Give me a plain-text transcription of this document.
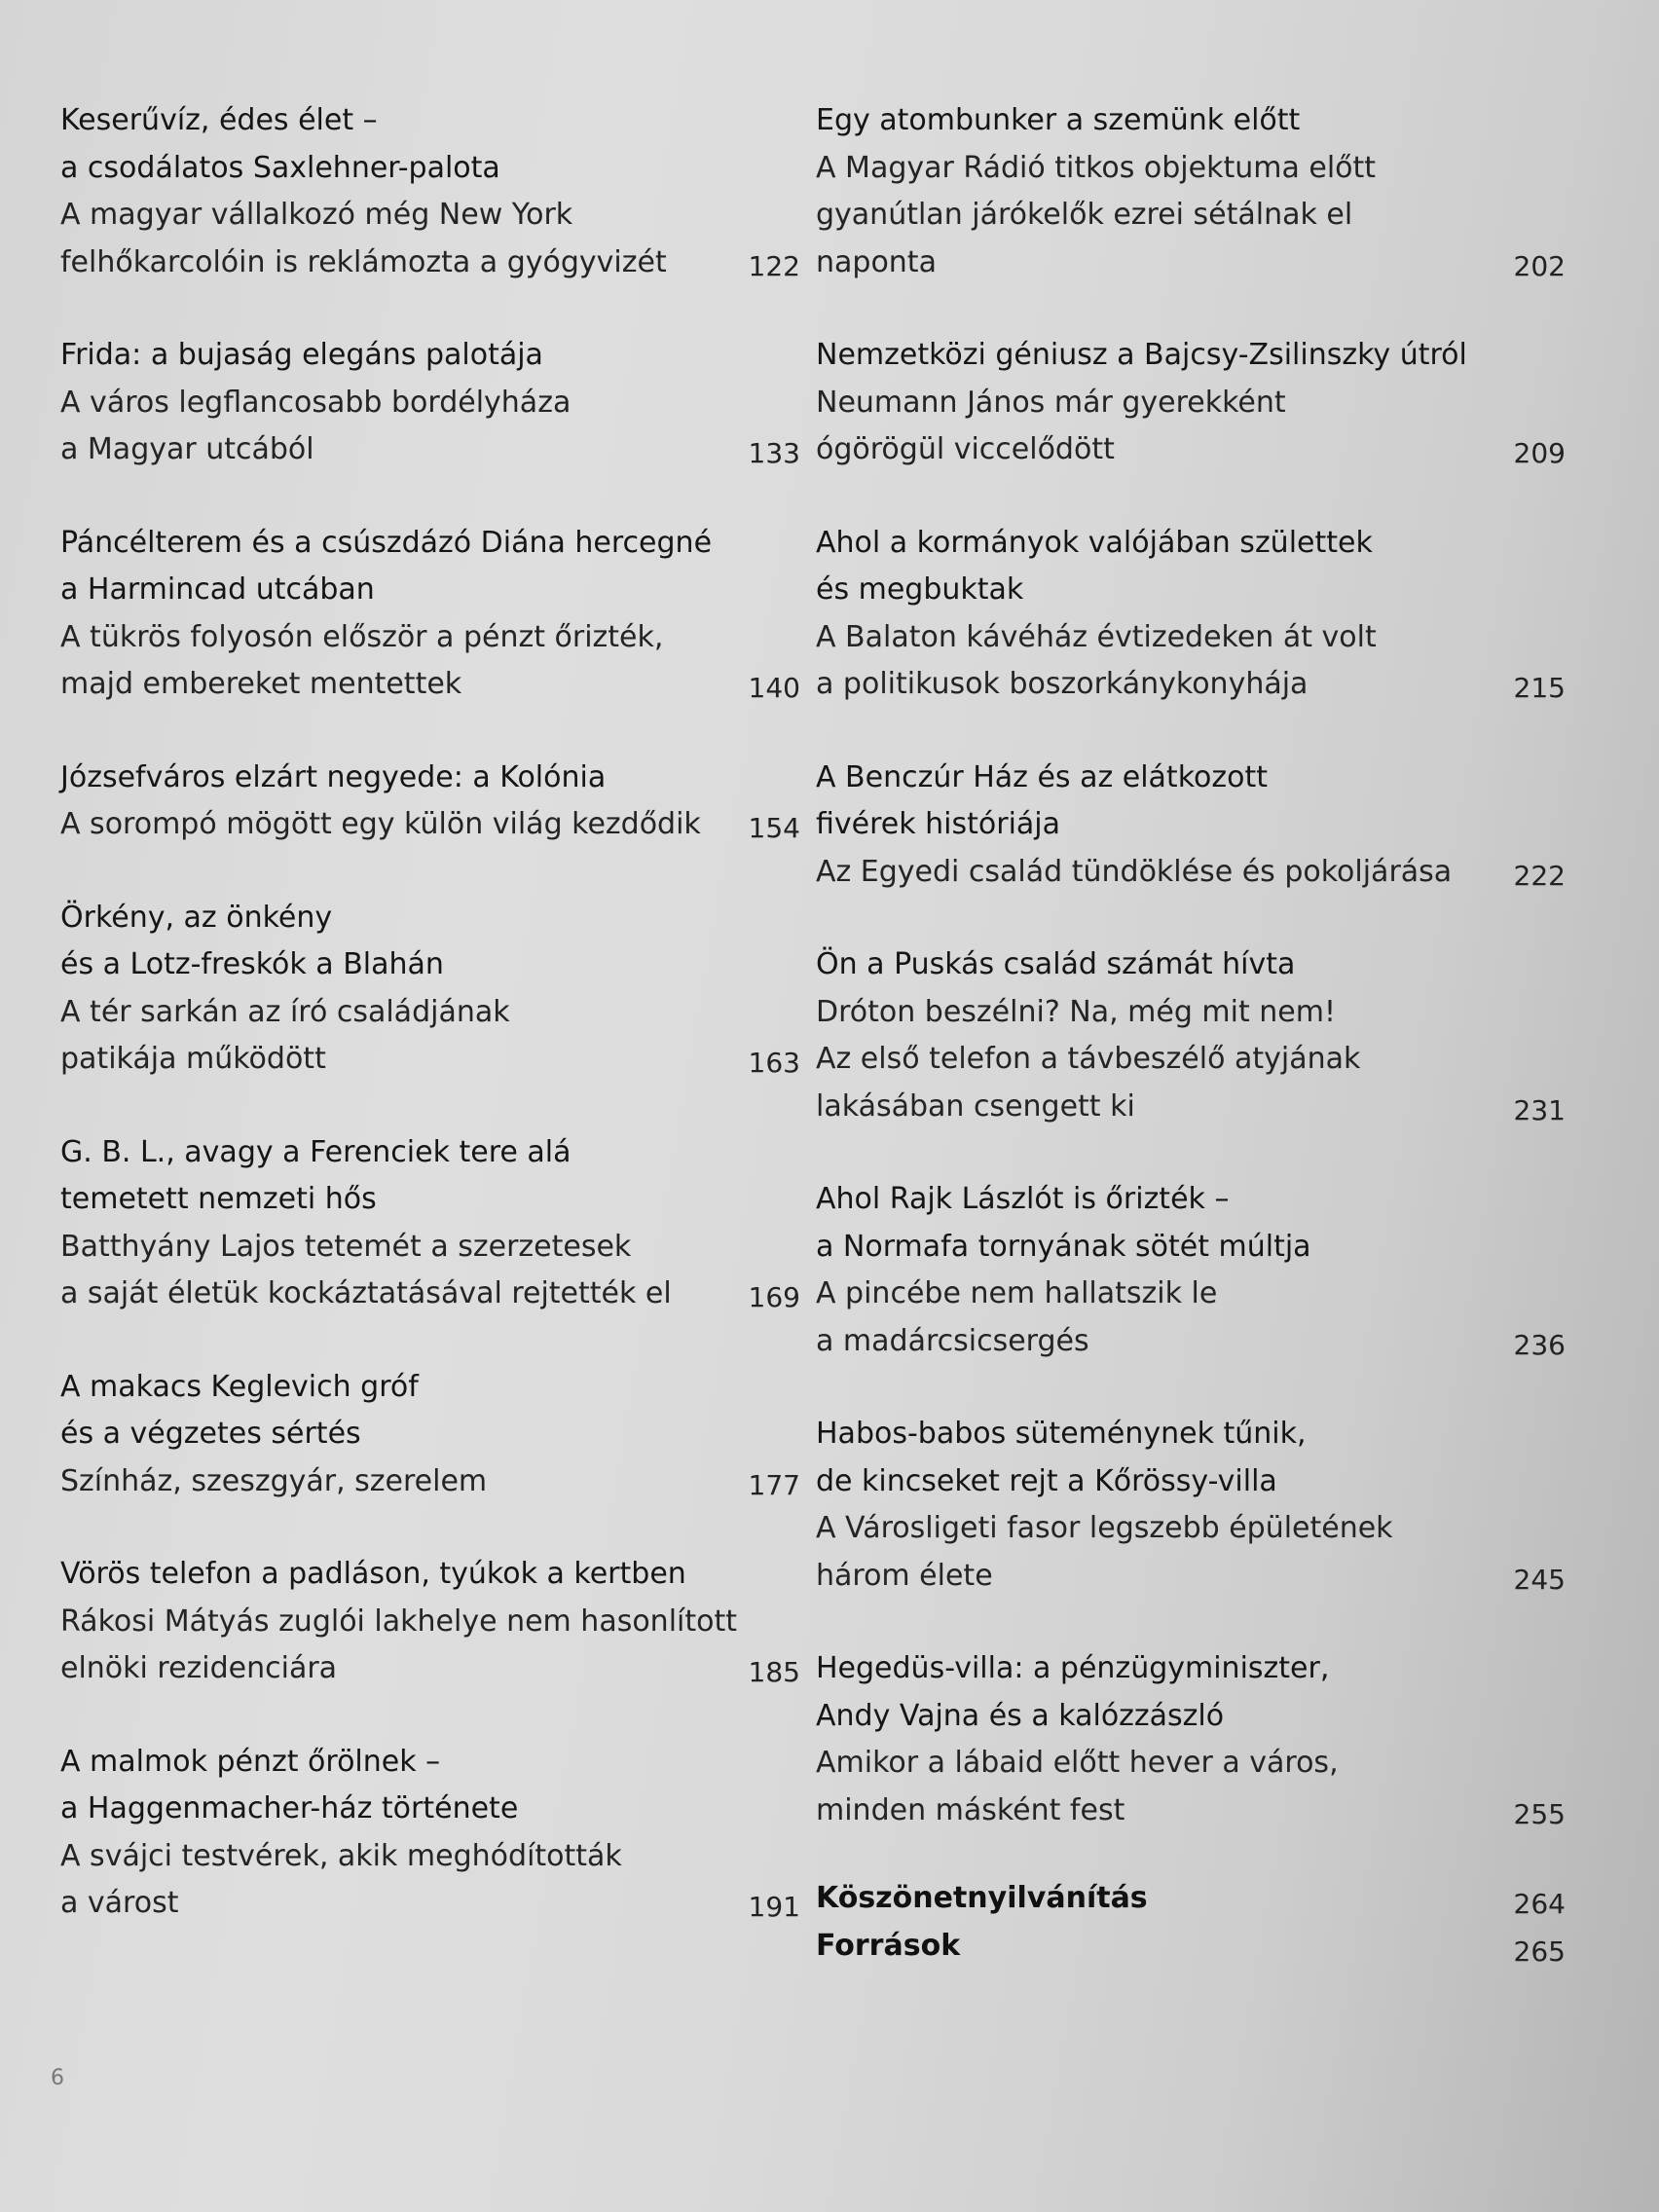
Keserűvíz, édes élet –
a csodálatos Saxlehner-palota
A magyar vállalkozó még New York
felhőkarcolóin is reklámozta a gyógyvizét	122
Frida: a bujaság elegáns palotája
A város legflancosabb bordélyháza
a Magyar utcából	133
Páncélterem és a csúszdázó Diána hercegné
a Harmincad utcában
A tükrös folyosón először a pénzt őrizték,
majd embereket mentettek	140
Józsefváros elzárt negyede: a Kolónia
A sorompó mögött egy külön világ kezdődik	154
Örkény, az önkény
és a Lotz-freskók a Blahán
A tér sarkán az író családjának
patikája működött	163
G. B. L., avagy a Ferenciek tere alá
temetett nemzeti hős
Batthyány Lajos tetemét a szerzetesek
a saját életük kockáztatásával rejtették el	169
A makacs Keglevich gróf
és a végzetes sértés
Színház, szeszgyár, szerelem	177
Vörös telefon a padláson, tyúkok a kertben
Rákosi Mátyás zuglói lakhelye nem hasonlított
elnöki rezidenciára	185
A malmok pénzt őrölnek –
a Haggenmacher-ház története
A svájci testvérek, akik meghódították
a várost	191
Egy atombunker a szemünk előtt
A Magyar Rádió titkos objektuma előtt
gyanútlan járókelők ezrei sétálnak el
naponta	202
Nemzetközi géniusz a Bajcsy-Zsilinszky útról
Neumann János már gyerekként
ógörögül viccelődött	209
Ahol a kormányok valójában születtek
és megbuktak
A Balaton kávéház évtizedeken át volt
a politikusok boszorkánykonyhája	215
A Benczúr Ház és az elátkozott
fivérek históriája
Az Egyedi család tündöklése és pokoljárása	222
Ön a Puskás család számát hívta
Dróton beszélni? Na, még mit nem!
Az első telefon a távbeszélő atyjának
lakásában csengett ki	231
Ahol Rajk Lászlót is őrizték –
a Normafa tornyának sötét múltja
A pincébe nem hallatszik le
a madárcsicsergés	236
Habos-babos süteménynek tűnik,
de kincseket rejt a Kőrössy-villa
A Városligeti fasor legszebb épületének
három élete	245
Hegedüs-villa: a pénzügyminiszter,
Andy Vajna és a kalózzászló
Amikor a lábaid előtt hever a város,
minden másként fest	255
Köszönetnyilvánítás	264
Források	265
6
